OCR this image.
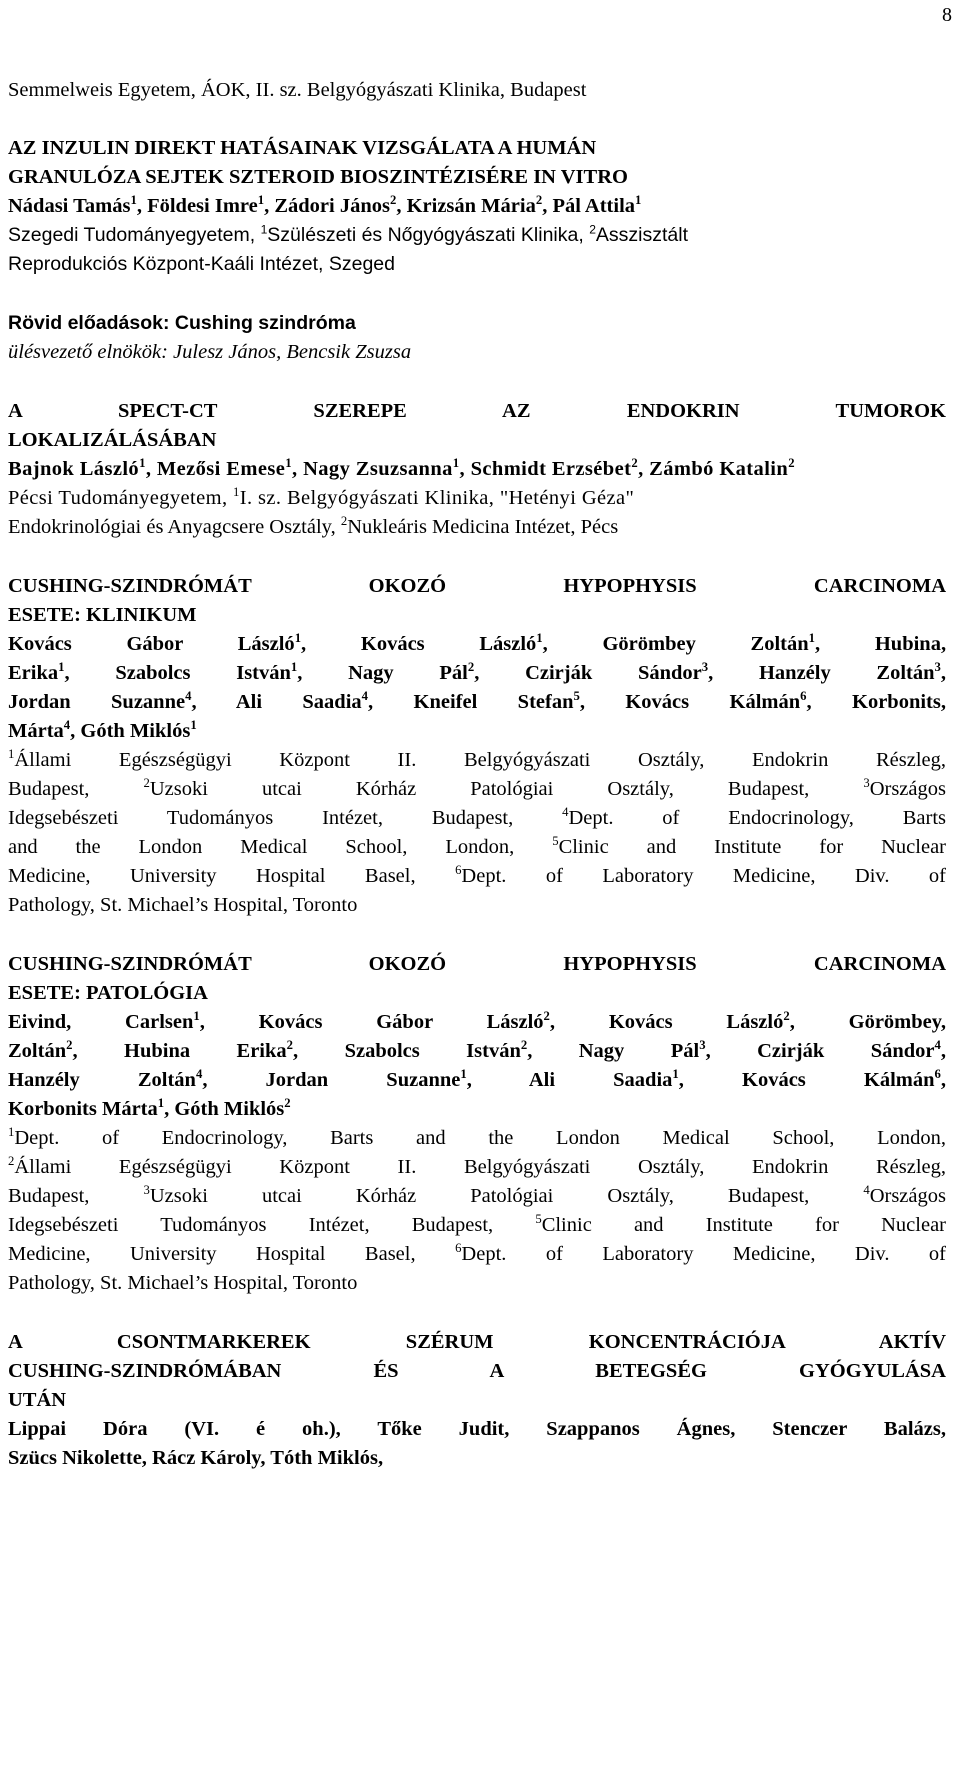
8
Semmelweis Egyetem, ÁOK, II. sz. Belgyógyászati Klinika, Budapest
AZ INZULIN DIREKT HATÁSAINAK VIZSGÁLATA A HUMÁN
GRANULÓZA SEJTEK SZTEROID BIOSZINTÉZISÉRE IN VITRO
Nádasi Tamás$^1$, Földesi Imre$^1$, Zádori János$^2$, Krizsán Mária$^2$, Pál Attila$^1$
Szegedi Tudományegyetem, $^1$Szülészeti és Nőgyógyászati Klinika, $^2$Asszisztált
Reprodukciós Központ-Kaáli Intézet, Szeged
Rövid előadások: Cushing szindróma
ülésvezető elnökök: Julesz János, Bencsik Zsuzsa
A SPECT-CT SZEREPE AZ ENDOKRIN TUMOROK
LOKALIZÁLÁSÁBAN
Bajnok László$^1$, Mezősi Emese$^1$, Nagy Zsuzsanna$^1$, Schmidt Erzsébet$^2$, Zámbó Katalin$^2$
Pécsi Tudományegyetem, $^1$I. sz. Belgyógyászati Klinika, "Hetényi Géza"
Endokrinológiai és Anyagcsere Osztály, $^2$Nukleáris Medicina Intézet, Pécs
CUSHING-SZINDRÓMÁT OKOZÓ HYPOPHYSIS CARCINOMA
ESETE: KLINIKUM
Kovács Gábor László$^1$, Kovács László$^1$, Görömbey Zoltán$^1$, Hubina,
Erika$^1$, Szabolcs István$^1$, Nagy Pál$^2$, Czirják Sándor$^3$, Hanzély Zoltán$^3$,
Jordan Suzanne$^4$, Ali Saadia$^4$, Kneifel Stefan$^5$, Kovács Kálmán$^6$, Korbonits,
Márta$^4$, Góth Miklós$^1$
$^1$Állami Egészségügyi Központ II. Belgyógyászati Osztály, Endokrin Részleg,
Budapest, $^2$Uzsoki utcai Kórház Patológiai Osztály, Budapest, $^3$Országos
Idegsebészeti Tudományos Intézet, Budapest, $^4$Dept. of Endocrinology, Barts
and the London Medical School, London, $^5$Clinic and Institute for Nuclear
Medicine, University Hospital Basel, $^6$Dept. of Laboratory Medicine, Div. of
Pathology, St. Michael’s Hospital, Toronto
CUSHING-SZINDRÓMÁT OKOZÓ HYPOPHYSIS CARCINOMA
ESETE: PATOLÓGIA
Eivind, Carlsen$^1$, Kovács Gábor László$^2$, Kovács László$^2$, Görömbey,
Zoltán$^2$, Hubina Erika$^2$, Szabolcs István$^2$, Nagy Pál$^3$, Czirják Sándor$^4$,
Hanzély Zoltán$^4$, Jordan Suzanne$^1$, Ali Saadia$^1$, Kovács Kálmán$^6$,
Korbonits Márta$^1$, Góth Miklós$^2$
$^1$Dept. of Endocrinology, Barts and the London Medical School, London,
$^2$Állami Egészségügyi Központ II. Belgyógyászati Osztály, Endokrin Részleg,
Budapest, $^3$Uzsoki utcai Kórház Patológiai Osztály, Budapest, $^4$Országos
Idegsebészeti Tudományos Intézet, Budapest, $^5$Clinic and Institute for Nuclear
Medicine, University Hospital Basel, $^6$Dept. of Laboratory Medicine, Div. of
Pathology, St. Michael’s Hospital, Toronto
A CSONTMARKEREK SZÉRUM KONCENTRÁCIÓJA AKTÍV
CUSHING-SZINDRÓMÁBAN ÉS A BETEGSÉG GYÓGYULÁSA
UTÁN
Lippai Dóra (VI. é oh.), Tőke Judit, Szappanos Ágnes, Stenczer Balázs,
Szücs Nikolette, Rácz Károly, Tóth Miklós,
